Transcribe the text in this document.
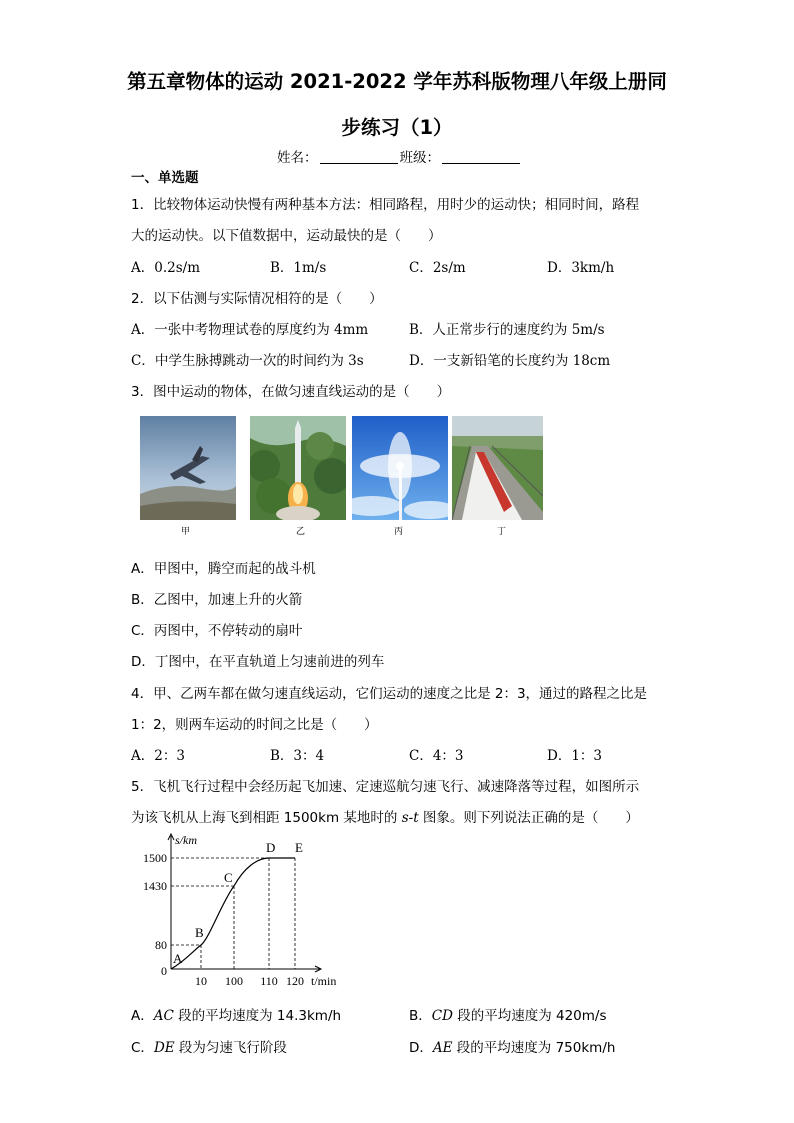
第五章物体的运动 2021-2022 学年苏科版物理八年级上册同
步练习（1）
姓名：	班级：
一、单选题
1．比较物体运动快慢有两种基本方法：相同路程，用时少的运动快；相同时间，路程
大的运动快。以下值数据中，运动最快的是（　　）
A．0.2s/m	B．1m/s	C．2s/m	D．3km/h
2．以下估测与实际情况相符的是（　　）
A．一张中考物理试卷的厚度约为 4mm	B．人正常步行的速度约为 5m/s
C．中学生脉搏跳动一次的时间约为 3s	D．一支新铅笔的长度约为 18cm
3．图中运动的物体，在做匀速直线运动的是（　　）
甲	乙	丙	丁
A．甲图中，腾空而起的战斗机
B．乙图中，加速上升的火箭
C．丙图中，不停转动的扇叶
D．丁图中，在平直轨道上匀速前进的列车
4．甲、乙两车都在做匀速直线运动，它们运动的速度之比是 2：3，通过的路程之比是
1：2，则两车运动的时间之比是（　　）
A．2：3	B．3：4	C．4：3	D．1：3
5．飞机飞行过程中会经历起飞加速、定速巡航匀速飞行、减速降落等过程，如图所示
为该飞机从上海飞到相距 1500km 某地时的 s-t 图象。则下列说法正确的是（　　）
s/km
t/min
0
80
1430
1500
10 100 110 120
A
B
C
D E
A．AC 段的平均速度为 14.3km/h	B．CD 段的平均速度为 420m/s
C．DE 段为匀速飞行阶段	D．AE 段的平均速度为 750km/h
